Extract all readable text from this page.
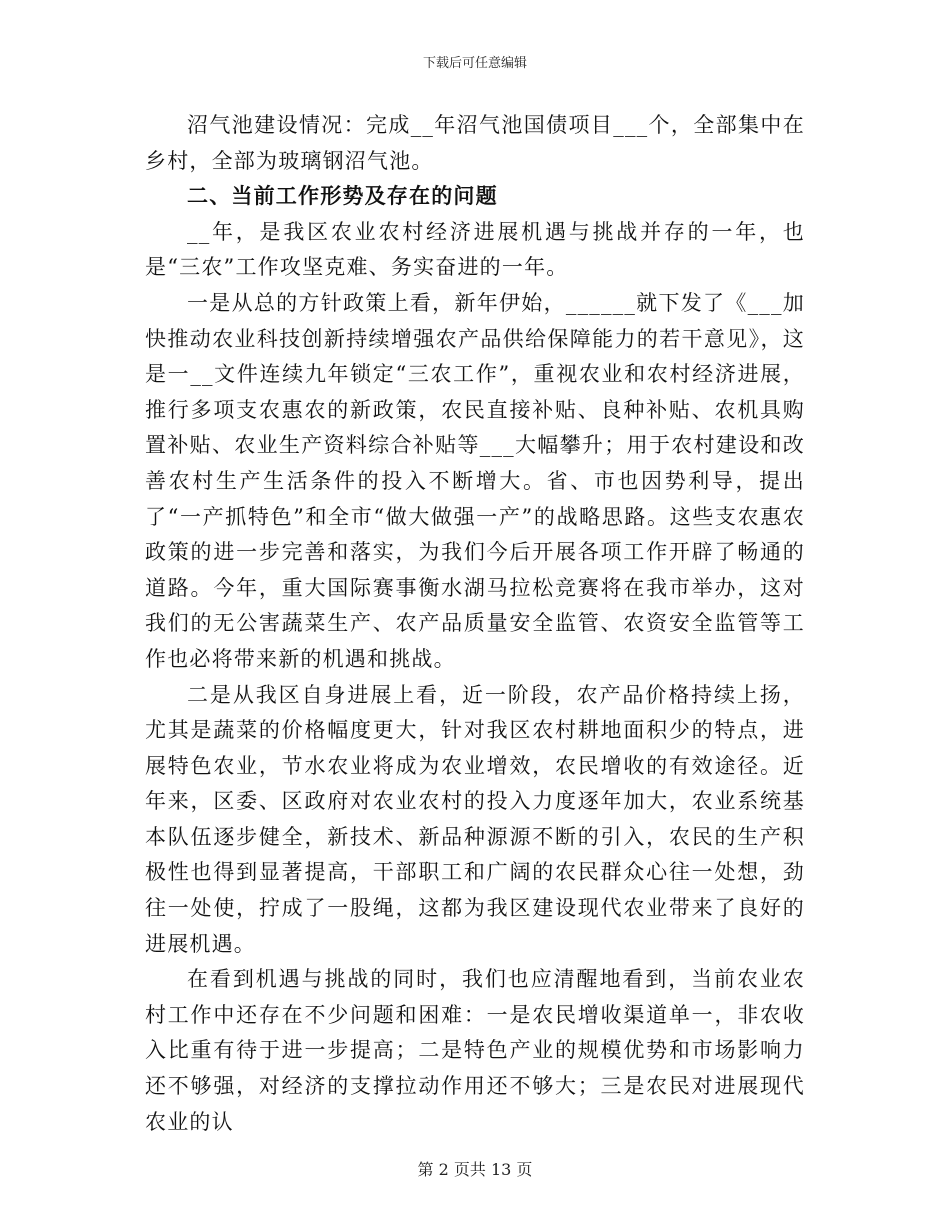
下载后可任意编辑

沼气池建设情况：完成__年沼气池国债项目___个，全部集中在乡村，全部为玻璃钢沼气池。

二、当前工作形势及存在的问题

__年，是我区农业农村经济进展机遇与挑战并存的一年，也是“三农”工作攻坚克难、务实奋进的一年。

一是从总的方针政策上看，新年伊始，______就下发了《___加快推动农业科技创新持续增强农产品供给保障能力的若干意见》，这是一__文件连续九年锁定“三农工作”，重视农业和农村经济进展，推行多项支农惠农的新政策，农民直接补贴、良种补贴、农机具购置补贴、农业生产资料综合补贴等___大幅攀升；用于农村建设和改善农村生产生活条件的投入不断增大。省、市也因势利导，提出了“一产抓特色”和全市“做大做强一产”的战略思路。这些支农惠农政策的进一步完善和落实，为我们今后开展各项工作开辟了畅通的道路。今年，重大国际赛事衡水湖马拉松竞赛将在我市举办，这对我们的无公害蔬菜生产、农产品质量安全监管、农资安全监管等工作也必将带来新的机遇和挑战。

二是从我区自身进展上看，近一阶段，农产品价格持续上扬，尤其是蔬菜的价格幅度更大，针对我区农村耕地面积少的特点，进展特色农业，节水农业将成为农业增效，农民增收的有效途径。近年来，区委、区政府对农业农村的投入力度逐年加大，农业系统基本队伍逐步健全，新技术、新品种源源不断的引入，农民的生产积极性也得到显著提高，干部职工和广阔的农民群众心往一处想，劲往一处使，拧成了一股绳，这都为我区建设现代农业带来了良好的进展机遇。

在看到机遇与挑战的同时，我们也应清醒地看到，当前农业农村工作中还存在不少问题和困难：一是农民增收渠道单一，非农收入比重有待于进一步提高；二是特色产业的规模优势和市场影响力还不够强，对经济的支撑拉动作用还不够大；三是农民对进展现代农业的认

第 2 页共 13 页
